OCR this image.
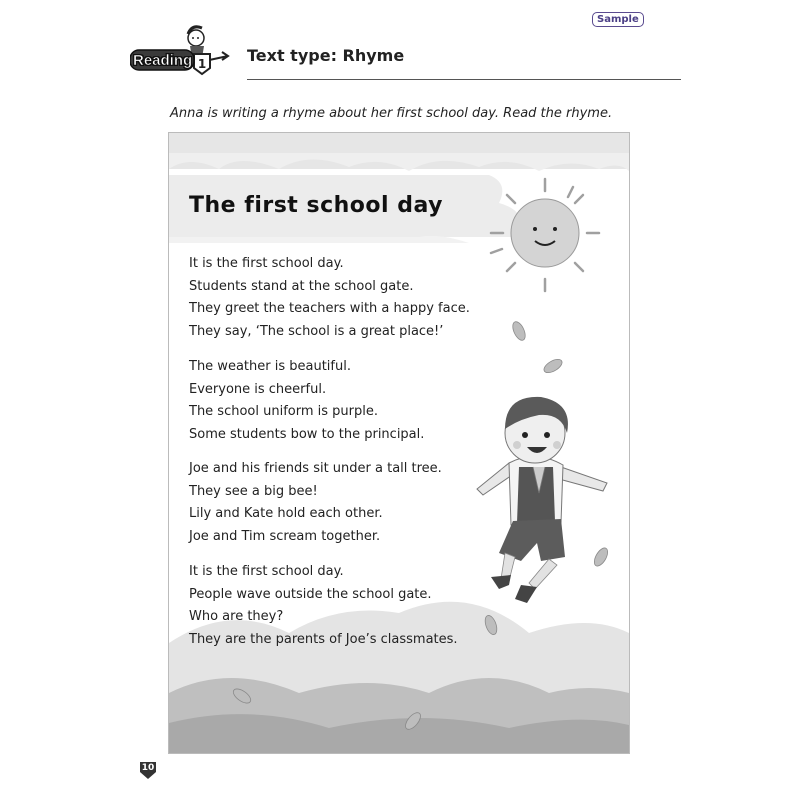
Sample
1
Reading	Text type: Rhyme
Anna is writing a rhyme about her first school day. Read the rhyme.
The first school day
It is the first school day.
Students stand at the school gate.
They greet the teachers with a happy face.
They say, ‘The school is a great place!’
The weather is beautiful.
Everyone is cheerful.
The school uniform is purple.
Some students bow to the principal.
Joe and his friends sit under a tall tree.
They see a big bee!
Lily and Kate hold each other.
Joe and Tim scream together.
It is the first school day.
People wave outside the school gate.
Who are they?
They are the parents of Joe’s classmates.
10
